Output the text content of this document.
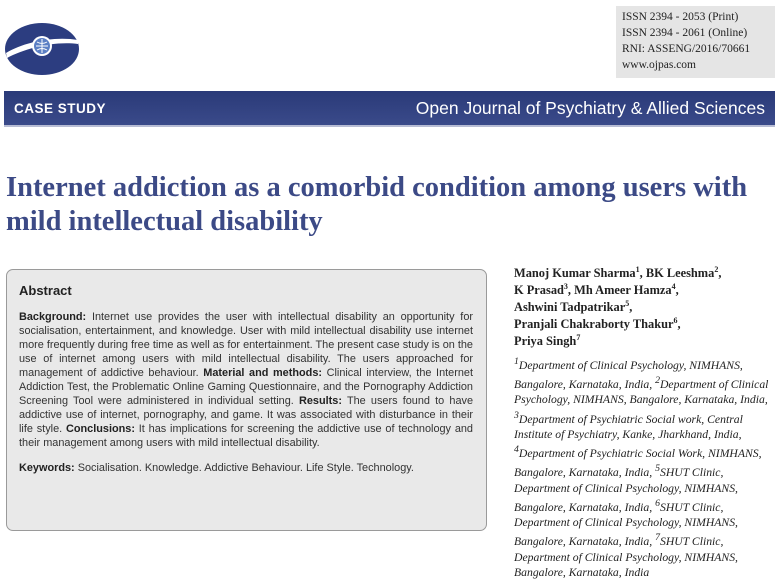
ISSN 2394 - 2053 (Print)
ISSN 2394 - 2061 (Online)
RNI: ASSENG/2016/70661
www.ojpas.com
CASE STUDY	Open Journal of Psychiatry & Allied Sciences
Internet addiction as a comorbid condition among users with mild intellectual disability
Abstract

Background: Internet use provides the user with intellectual disability an opportunity for socialisation, entertainment, and knowledge. User with mild intellectual disability use internet more frequently during free time as well as for entertainment. The present case study is on the use of internet among users with mild intellectual disability. The users approached for management of addictive behaviour. Material and methods: Clinical interview, the Internet Addiction Test, the Problematic Online Gaming Questionnaire, and the Pornography Addiction Screening Tool were administered in individual setting. Results: The users found to have addictive use of internet, pornography, and game. It was associated with disturbance in their life style. Conclusions: It has implications for screening the addictive use of technology and their management among users with mild intellectual disability.

Keywords: Socialisation. Knowledge. Addictive Behaviour. Life Style. Technology.

Manoj Kumar Sharma$^1$, BK Leeshma$^2$,
K Prasad$^3$, Mh Ameer Hamza$^4$,
Ashwini Tadpatrikar$^5$,
Pranjali Chakraborty Thakur$^6$,
Priya Singh$^7$

$^1$Department of Clinical Psychology, NIMHANS, Bangalore, Karnataka, India, $^2$Department of Clinical Psychology, NIMHANS, Bangalore, Karnataka, India, $^3$Department of Psychiatric Social work, Central Institute of Psychiatry, Kanke, Jharkhand, India, $^4$Department of Psychiatric Social Work, NIMHANS, Bangalore, Karnataka, India, $^5$SHUT Clinic, Department of Clinical Psychology, NIMHANS, Bangalore, Karnataka, India, $^6$SHUT Clinic, Department of Clinical Psychology, NIMHANS, Bangalore, Karnataka, India, $^7$SHUT Clinic, Department of Clinical Psychology, NIMHANS, Bangalore, Karnataka, India
